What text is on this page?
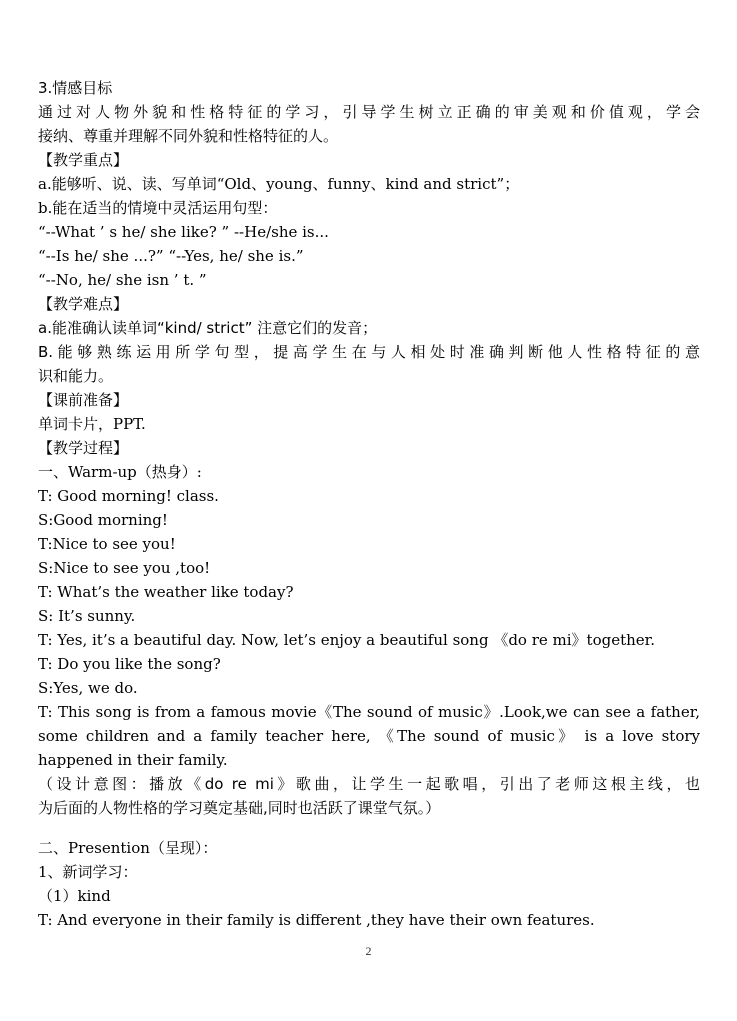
3.情感目标
通过对人物外貌和性格特征的学习，引导学生树立正确的审美观和价值观，学会
接纳、尊重并理解不同外貌和性格特征的人。
【教学重点】
a.能够听、说、读、写单词“Old、young、funny、kind and strict”；
b.能在适当的情境中灵活运用句型：
“--What ’ s he/ she like? ” --He/she is...
“--Is he/ she ...?” “--Yes, he/ she is.”
“--No, he/ she isn ’ t. ”
【教学难点】
a.能准确认读单词“kind/ strict” 注意它们的发音；
B.能够熟练运用所学句型，提高学生在与人相处时准确判断他人性格特征的意
识和能力。
【课前准备】
单词卡片，PPT.
【教学过程】
一、Warm-up（热身）:
T: Good morning! class.
S:Good morning!
T:Nice to see you!
S:Nice to see you ,too!
T: What’s the weather like today?
S: It’s sunny.
T: Yes, it’s a beautiful day. Now, let’s enjoy a beautiful song 《do re mi》together.
T: Do you like the song?
S:Yes, we do.
T: This song is from a famous movie《The sound of music》.Look,we can see a father,
some children and a family teacher here, 《The sound of music》 is a love story
happened in their family.
（设计意图：播放《do re mi》歌曲，让学生一起歌唱，引出了老师这根主线，也
为后面的人物性格的学习奠定基础,同时也活跃了课堂气氛。）
二、Presention（呈现）：
1、新词学习：
（1）kind
T: And everyone in their family is different ,they have their own features.
2
